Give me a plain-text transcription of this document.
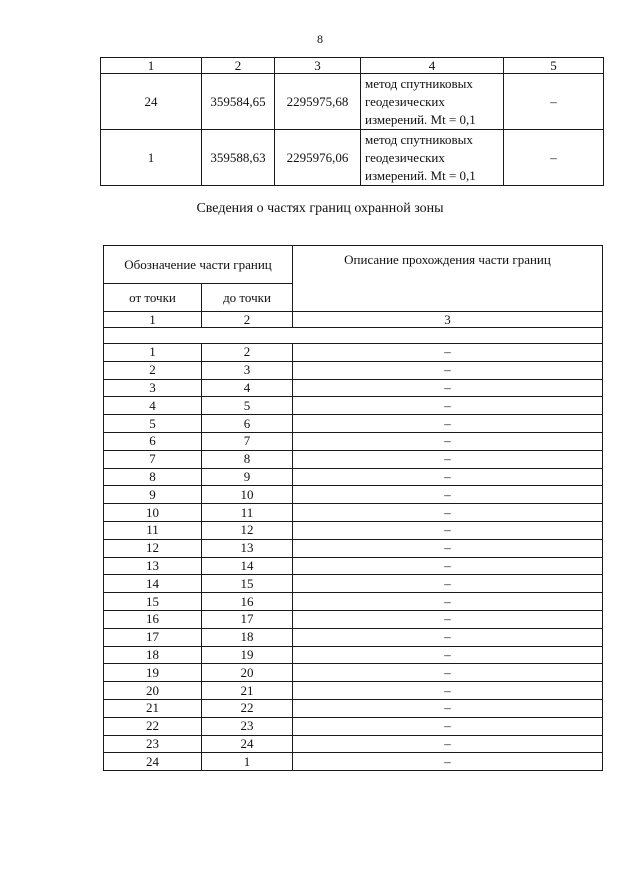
8
1	2	3	4	5
24	359584,65	2295975,68	метод спутниковых
геодезических
измерений. Mt = 0,1	–
1	359588,63	2295976,06	метод спутниковых
геодезических
измерений. Mt = 0,1	–
Сведения о частях границ охранной зоны
Обозначение части границ		Описание прохождения части границ
от точки	до точки	
1	2	3

1	2	–
2	3	–
3	4	–
4	5	–
5	6	–
6	7	–
7	8	–
8	9	–
9	10	–
10	11	–
11	12	–
12	13	–
13	14	–
14	15	–
15	16	–
16	17	–
17	18	–
18	19	–
19	20	–
20	21	–
21	22	–
22	23	–
23	24	–
24	1	–
